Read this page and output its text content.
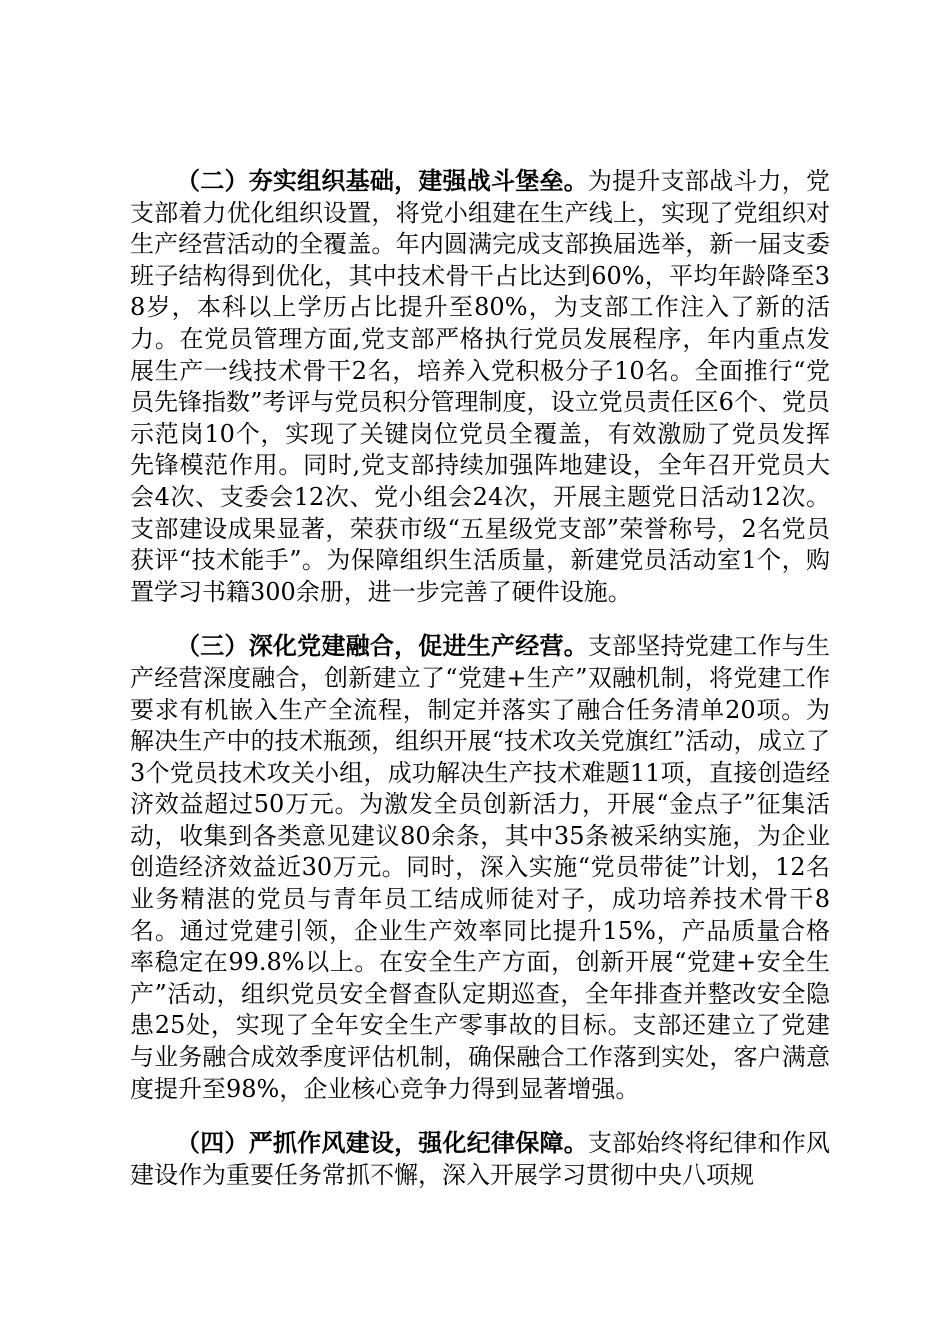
（二）夯实组织基础，建强战斗堡垒。为提升支部战斗力，党支部着力优化组织设置，将党小组建在生产线上，实现了党组织对生产经营活动的全覆盖。年内圆满完成支部换届选举，新一届支委班子结构得到优化，其中技术骨干占比达到60%，平均年龄降至38岁，本科以上学历占比提升至80%，为支部工作注入了新的活力。在党员管理方面,党支部严格执行党员发展程序，年内重点发展生产一线技术骨干2名，培养入党积极分子10名。全面推行“党员先锋指数”考评与党员积分管理制度，设立党员责任区6个、党员示范岗10个，实现了关键岗位党员全覆盖，有效激励了党员发挥先锋模范作用。同时,党支部持续加强阵地建设，全年召开党员大会4次、支委会12次、党小组会24次，开展主题党日活动12次。支部建设成果显著，荣获市级“五星级党支部”荣誉称号，2名党员获评“技术能手”。为保障组织生活质量，新建党员活动室1个，购置学习书籍300余册，进一步完善了硬件设施。

（三）深化党建融合，促进生产经营。支部坚持党建工作与生产经营深度融合，创新建立了“党建+生产”双融机制，将党建工作要求有机嵌入生产全流程，制定并落实了融合任务清单20项。为解决生产中的技术瓶颈，组织开展“技术攻关党旗红”活动，成立了3个党员技术攻关小组，成功解决生产技术难题11项，直接创造经济效益超过50万元。为激发全员创新活力，开展“金点子”征集活动，收集到各类意见建议80余条，其中35条被采纳实施，为企业创造经济效益近30万元。同时，深入实施“党员带徒”计划，12名业务精湛的党员与青年员工结成师徒对子，成功培养技术骨干8名。通过党建引领，企业生产效率同比提升15%，产品质量合格率稳定在99.8%以上。在安全生产方面，创新开展“党建+安全生产”活动，组织党员安全督查队定期巡查，全年排查并整改安全隐患25处，实现了全年安全生产零事故的目标。支部还建立了党建与业务融合成效季度评估机制，确保融合工作落到实处，客户满意度提升至98%，企业核心竞争力得到显著增强。

（四）严抓作风建设，强化纪律保障。支部始终将纪律和作风建设作为重要任务常抓不懈，深入开展学习贯彻中央八项规
